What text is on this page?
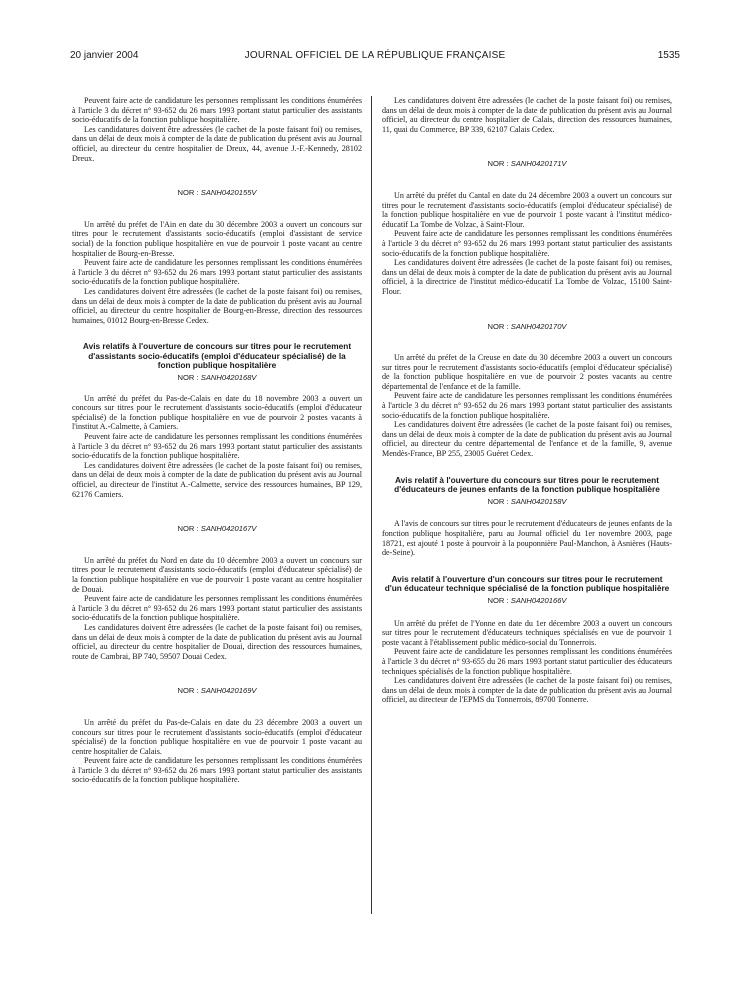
20 janvier 2004	JOURNAL OFFICIEL DE LA RÉPUBLIQUE FRANÇAISE	1535

Peuvent faire acte de candidature les personnes remplissant les conditions énumérées à l'article 3 du décret n° 93-652 du 26 mars 1993 portant statut particulier des assistants socio-éducatifs de la fonction publique hospitalière.

Les candidatures doivent être adressées (le cachet de la poste faisant foi) ou remises, dans un délai de deux mois à compter de la date de publication du présent avis au Journal officiel, au directeur du centre hospitalier de Dreux, 44, avenue J.-F.-Kennedy, 28102 Dreux.

NOR : SANH0420155V

Un arrêté du préfet de l'Ain en date du 30 décembre 2003 a ouvert un concours sur titres pour le recrutement d'assistants socio-éducatifs (emploi d'assistant de service social) de la fonction publique hospitalière en vue de pourvoir 1 poste vacant au centre hospitalier de Bourg-en-Bresse.

Peuvent faire acte de candidature les personnes remplissant les conditions énumérées à l'article 3 du décret n° 93-652 du 26 mars 1993 portant statut particulier des assistants socio-éducatifs de la fonction publique hospitalière.

Les candidatures doivent être adressées (le cachet de la poste faisant foi) ou remises, dans un délai de deux mois à compter de la date de publication du présent avis au Journal officiel, au directeur du centre hospitalier de Bourg-en-Bresse, direction des ressources humaines, 01012 Bourg-en-Bresse Cedex.

Avis relatifs à l'ouverture de concours sur titres pour le recrutement d'assistants socio-éducatifs (emploi d'éducateur spécialisé) de la fonction publique hospitalière
NOR : SANH0420168V

Un arrêté du préfet du Pas-de-Calais en date du 18 novembre 2003 a ouvert un concours sur titres pour le recrutement d'assistants socio-éducatifs (emploi d'éducateur spécialisé) de la fonction publique hospitalière en vue de pourvoir 2 postes vacants à l'institut A.-Calmette, à Camiers.

Peuvent faire acte de candidature les personnes remplissant les conditions énumérées à l'article 3 du décret n° 93-652 du 26 mars 1993 portant statut particulier des assistants socio-éducatifs de la fonction publique hospitalière.

Les candidatures doivent être adressées (le cachet de la poste faisant foi) ou remises, dans un délai de deux mois à compter de la date de publication du présent avis au Journal officiel, au directeur de l'institut A.-Calmette, service des ressources humaines, BP 129, 62176 Camiers.

NOR : SANH0420167V

Un arrêté du préfet du Nord en date du 10 décembre 2003 a ouvert un concours sur titres pour le recrutement d'assistants socio-éducatifs (emploi d'éducateur spécialisé) de la fonction publique hospitalière en vue de pourvoir 1 poste vacant au centre hospitalier de Douai.

Peuvent faire acte de candidature les personnes remplissant les conditions énumérées à l'article 3 du décret n° 93-652 du 26 mars 1993 portant statut particulier des assistants socio-éducatifs de la fonction publique hospitalière.

Les candidatures doivent être adressées (le cachet de la poste faisant foi) ou remises, dans un délai de deux mois à compter de la date de publication du présent avis au Journal officiel, au directeur du centre hospitalier de Douai, direction des ressources humaines, route de Cambrai, BP 740, 59507 Douai Cedex.

NOR : SANH0420169V

Un arrêté du préfet du Pas-de-Calais en date du 23 décembre 2003 a ouvert un concours sur titres pour le recrutement d'assistants socio-éducatifs (emploi d'éducateur spécialisé) de la fonction publique hospitalière en vue de pourvoir 1 poste vacant au centre hospitalier de Calais.

Peuvent faire acte de candidature les personnes remplissant les conditions énumérées à l'article 3 du décret n° 93-652 du 26 mars 1993 portant statut particulier des assistants socio-éducatifs de la fonction publique hospitalière.

Les candidatures doivent être adressées (le cachet de la poste faisant foi) ou remises, dans un délai de deux mois à compter de la date de publication du présent avis au Journal officiel, au directeur du centre hospitalier de Calais, direction des ressources humaines, 11, quai du Commerce, BP 339, 62107 Calais Cedex.

NOR : SANH0420171V

Un arrêté du préfet du Cantal en date du 24 décembre 2003 a ouvert un concours sur titres pour le recrutement d'assistants socio-éducatifs (emploi d'éducateur spécialisé) de la fonction publique hospitalière en vue de pourvoir 1 poste vacant à l'institut médico-éducatif La Tombe de Volzac, à Saint-Flour.

Peuvent faire acte de candidature les personnes remplissant les conditions énumérées à l'article 3 du décret n° 93-652 du 26 mars 1993 portant statut particulier des assistants socio-éducatifs de la fonction publique hospitalière.

Les candidatures doivent être adressées (le cachet de la poste faisant foi) ou remises, dans un délai de deux mois à compter de la date de publication du présent avis au Journal officiel, à la directrice de l'institut médico-éducatif La Tombe de Volzac, 15100 Saint-Flour.

NOR : SANH0420170V

Un arrêté du préfet de la Creuse en date du 30 décembre 2003 a ouvert un concours sur titres pour le recrutement d'assistants socio-éducatifs (emploi d'éducateur spécialisé) de la fonction publique hospitalière en vue de pourvoir 2 postes vacants au centre départemental de l'enfance et de la famille.

Peuvent faire acte de candidature les personnes remplissant les conditions énumérées à l'article 3 du décret n° 93-652 du 26 mars 1993 portant statut particulier des assistants socio-éducatifs de la fonction publique hospitalière.

Les candidatures doivent être adressées (le cachet de la poste faisant foi) ou remises, dans un délai de deux mois à compter de la date de publication du présent avis au Journal officiel, au directeur du centre départemental de l'enfance et de la famille, 9, avenue Mendès-France, BP 255, 23005 Guéret Cedex.

Avis relatif à l'ouverture du concours sur titres pour le recrutement d'éducateurs de jeunes enfants de la fonction publique hospitalière
NOR : SANH0420158V

A l'avis de concours sur titres pour le recrutement d'éducateurs de jeunes enfants de la fonction publique hospitalière, paru au Journal officiel du 1er novembre 2003, page 18721, est ajouté 1 poste à pourvoir à la pouponnière Paul-Manchon, à Asnières (Hauts-de-Seine).

Avis relatif à l'ouverture d'un concours sur titres pour le recrutement d'un éducateur technique spécialisé de la fonction publique hospitalière
NOR : SANH0420166V

Un arrêté du préfet de l'Yonne en date du 1er décembre 2003 a ouvert un concours sur titres pour le recrutement d'éducateurs techniques spécialisés en vue de pourvoir 1 poste vacant à l'établissement public médico-social du Tonnerrois.

Peuvent faire acte de candidature les personnes remplissant les conditions énumérées à l'article 3 du décret n° 93-655 du 26 mars 1993 portant statut particulier des éducateurs techniques spécialisés de la fonction publique hospitalière.

Les candidatures doivent être adressées (le cachet de la poste faisant foi) ou remises, dans un délai de deux mois à compter de la date de publication du présent avis au Journal officiel, au directeur de l'EPMS du Tonnerrois, 89700 Tonnerre.
